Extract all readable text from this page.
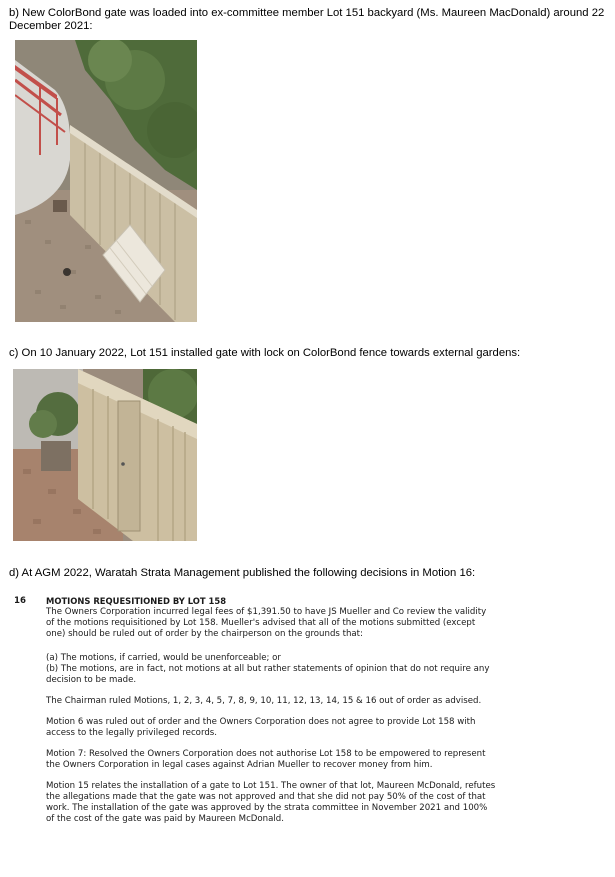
b) New ColorBond gate was loaded into ex-committee member Lot 151 backyard (Ms. Maureen MacDonald) around 22 December 2021:
c) On 10 January 2022, Lot 151 installed gate with lock on ColorBond fence towards external gardens:
d) At AGM 2022, Waratah Strata Management published the following decisions in Motion 16:
16 MOTIONS REQUESITIONED BY LOT 158

The Owners Corporation incurred legal fees of $1,391.50 to have JS Mueller and Co review the validity of the motions requisitioned by Lot 158. Mueller's advised that all of the motions submitted (except one) should be ruled out of order by the chairperson on the grounds that:

(a) The motions, if carried, would be unenforceable; or

(b) The motions, are in fact, not motions at all but rather statements of opinion that do not require any decision to be made.

The Chairman ruled Motions, 1, 2, 3, 4, 5, 7, 8, 9, 10, 11, 12, 13, 14, 15 & 16 out of order as advised.

Motion 6 was ruled out of order and the Owners Corporation does not agree to provide Lot 158 with access to the legally privileged records.

Motion 7: Resolved the Owners Corporation does not authorise Lot 158 to be empowered to represent the Owners Corporation in legal cases against Adrian Mueller to recover money from him.

Motion 15 relates the installation of a gate to Lot 151. The owner of that lot, Maureen McDonald, refutes the allegations made that the gate was not approved and that she did not pay 50% of the cost of that work. The installation of the gate was approved by the strata committee in November 2021 and 100% of the cost of the gate was paid by Maureen McDonald.
